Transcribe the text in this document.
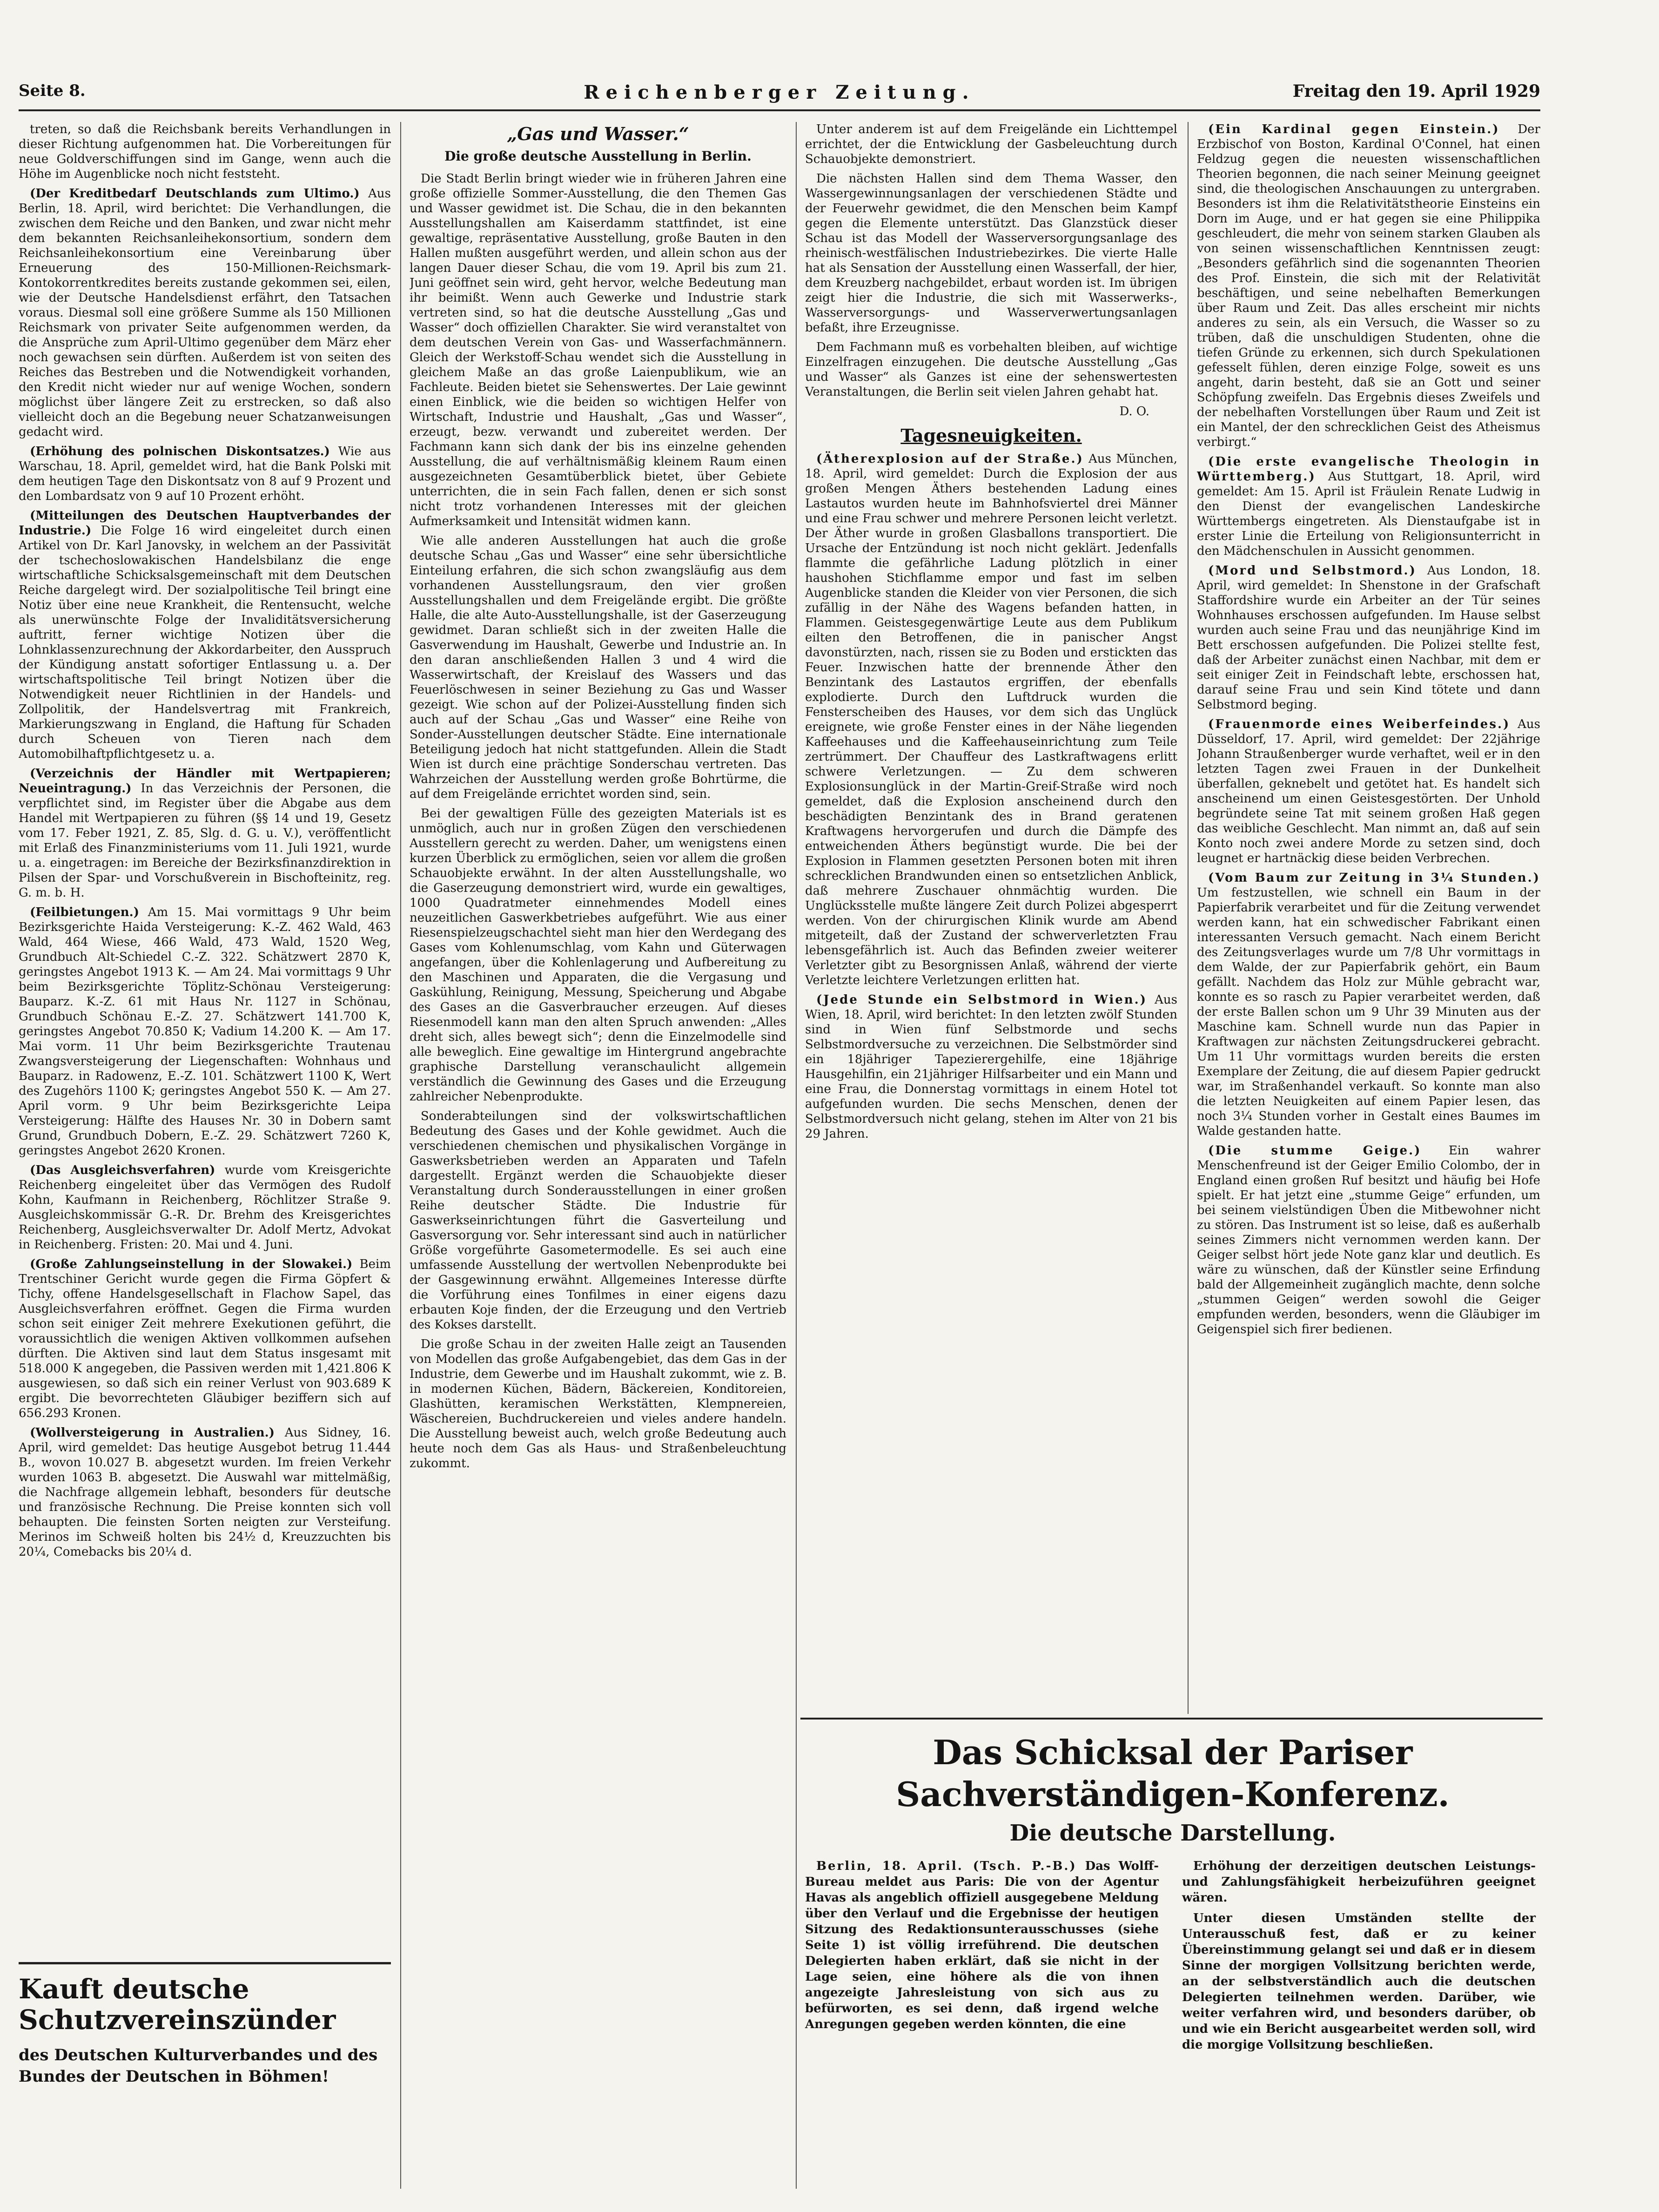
Seite 8.	Reichenberger Zeitung.	Freitag den 19. April 1929

treten, so daß die Reichsbank bereits Verhandlungen in dieser Richtung aufgenommen hat. Die Vorbereitungen für neue Goldverschiffungen sind im Gange, wenn auch die Höhe im Augenblicke noch nicht feststeht.

(Der Kreditbedarf Deutschlands zum Ultimo.) Aus Berlin, 18. April, wird berichtet: Die Verhandlungen, die zwischen dem Reiche und den Banken, und zwar nicht mehr dem bekannten Reichsanleihekonsortium, sondern dem Reichsanleihekonsortium eine Vereinbarung über Erneuerung des 150-Millionen-Reichsmark-Kontokorrentkredites bereits zustande gekommen sei, eilen, wie der Deutsche Handelsdienst erfährt, den Tatsachen voraus. Diesmal soll eine größere Summe als 150 Millionen Reichsmark von privater Seite aufgenommen werden, da die Ansprüche zum April-Ultimo gegenüber dem März eher noch gewachsen sein dürften. Außerdem ist von seiten des Reiches das Bestreben und die Notwendigkeit vorhanden, den Kredit nicht wieder nur auf wenige Wochen, sondern möglichst über längere Zeit zu erstrecken, so daß also vielleicht doch an die Begebung neuer Schatzanweisungen gedacht wird.

(Erhöhung des polnischen Diskontsatzes.) Wie aus Warschau, 18. April, gemeldet wird, hat die Bank Polski mit dem heutigen Tage den Diskontsatz von 8 auf 9 Prozent und den Lombardsatz von 9 auf 10 Prozent erhöht.

(Mitteilungen des Deutschen Hauptverbandes der Industrie.) Die Folge 16 wird eingeleitet durch einen Artikel von Dr. Karl Janovsky, in welchem an der Passivität der tschechoslowakischen Handelsbilanz die enge wirtschaftliche Schicksalsgemeinschaft mit dem Deutschen Reiche dargelegt wird. Der sozialpolitische Teil bringt eine Notiz über eine neue Krankheit, die Rentensucht, welche als unerwünschte Folge der Invaliditätsversicherung auftritt, ferner wichtige Notizen über die Lohnklassenzurechnung der Akkordarbeiter, den Ausspruch der Kündigung anstatt sofortiger Entlassung u. a. Der wirtschaftspolitische Teil bringt Notizen über die Notwendigkeit neuer Richtlinien in der Handels- und Zollpolitik, der Handelsvertrag mit Frankreich, Markierungszwang in England, die Haftung für Schaden durch Scheuen von Tieren nach dem Automobilhaftpflichtgesetz u. a.

(Verzeichnis der Händler mit Wertpapieren; Neueintragung.) In das Verzeichnis der Personen, die verpflichtet sind, im Register über die Abgabe aus dem Handel mit Wertpapieren zu führen (§§ 14 und 19, Gesetz vom 17. Feber 1921, Z. 85, Slg. d. G. u. V.), veröffentlicht mit Erlaß des Finanzministeriums vom 11. Juli 1921, wurde u. a. eingetragen: im Bereiche der Bezirksfinanzdirektion in Pilsen der Spar- und Vorschußverein in Bischofteinitz, reg. G. m. b. H.

(Feilbietungen.) Am 15. Mai vormittags 9 Uhr beim Bezirksgerichte Haida Versteigerung: K.-Z. 462 Wald, 463 Wald, 464 Wiese, 466 Wald, 473 Wald, 1520 Weg, Grundbuch Alt-Schiedel C.-Z. 322. Schätzwert 2870 K, geringstes Angebot 1913 K. — Am 24. Mai vormittags 9 Uhr beim Bezirksgerichte Töplitz-Schönau Versteigerung: Bauparz. K.-Z. 61 mit Haus Nr. 1127 in Schönau, Grundbuch Schönau E.-Z. 27. Schätzwert 141.700 K, geringstes Angebot 70.850 K; Vadium 14.200 K. — Am 17. Mai vorm. 11 Uhr beim Bezirksgerichte Trautenau Zwangsversteigerung der Liegenschaften: Wohnhaus und Bauparz. in Radowenz, E.-Z. 101. Schätzwert 1100 K, Wert des Zugehörs 1100 K; geringstes Angebot 550 K. — Am 27. April vorm. 9 Uhr beim Bezirksgerichte Leipa Versteigerung: Hälfte des Hauses Nr. 30 in Dobern samt Grund, Grundbuch Dobern, E.-Z. 29. Schätzwert 7260 K, geringstes Angebot 2620 Kronen.

(Das Ausgleichsverfahren) wurde vom Kreisgerichte Reichenberg eingeleitet über das Vermögen des Rudolf Kohn, Kaufmann in Reichenberg, Röchlitzer Straße 9. Ausgleichskommissär G.-R. Dr. Brehm des Kreisgerichtes Reichenberg, Ausgleichsverwalter Dr. Adolf Mertz, Advokat in Reichenberg. Fristen: 20. Mai und 4. Juni.

(Große Zahlungseinstellung in der Slowakei.) Beim Trentschiner Gericht wurde gegen die Firma Göpfert & Tichy, offene Handelsgesellschaft in Flachow Sapel, das Ausgleichsverfahren eröffnet. Gegen die Firma wurden schon seit einiger Zeit mehrere Exekutionen geführt, die voraussichtlich die wenigen Aktiven vollkommen aufsehen dürften. Die Aktiven sind laut dem Status insgesamt mit 518.000 K angegeben, die Passiven werden mit 1,421.806 K ausgewiesen, so daß sich ein reiner Verlust von 903.689 K ergibt. Die bevorrechteten Gläubiger beziffern sich auf 656.293 Kronen.

(Wollversteigerung in Australien.) Aus Sidney, 16. April, wird gemeldet: Das heutige Ausgebot betrug 11.444 B., wovon 10.027 B. abgesetzt wurden. Im freien Verkehr wurden 1063 B. abgesetzt. Die Auswahl war mittelmäßig, die Nachfrage allgemein lebhaft, besonders für deutsche und französische Rechnung. Die Preise konnten sich voll behaupten. Die feinsten Sorten neigten zur Versteifung. Merinos im Schweiß holten bis 24½ d, Kreuzzuchten bis 20¼, Comebacks bis 20¼ d.

Kauft deutsche Schutzvereinszünder
des Deutschen Kulturverbandes und des Bundes der Deutschen in Böhmen!
„Gas und Wasser.“
Die große deutsche Ausstellung in Berlin.

Die Stadt Berlin bringt wieder wie in früheren Jahren eine große offizielle Sommer-Ausstellung, die den Themen Gas und Wasser gewidmet ist. Die Schau, die in den bekannten Ausstellungshallen am Kaiserdamm stattfindet, ist eine gewaltige, repräsentative Ausstellung, große Bauten in den Hallen mußten ausgeführt werden, und allein schon aus der langen Dauer dieser Schau, die vom 19. April bis zum 21. Juni geöffnet sein wird, geht hervor, welche Bedeutung man ihr beimißt. Wenn auch Gewerke und Industrie stark vertreten sind, so hat die deutsche Ausstellung „Gas und Wasser“ doch offiziellen Charakter. Sie wird veranstaltet von dem deutschen Verein von Gas- und Wasserfachmännern. Gleich der Werkstoff-Schau wendet sich die Ausstellung in gleichem Maße an das große Laienpublikum, wie an Fachleute. Beiden bietet sie Sehenswertes. Der Laie gewinnt einen Einblick, wie die beiden so wichtigen Helfer von Wirtschaft, Industrie und Haushalt, „Gas und Wasser“, erzeugt, bezw. verwandt und zubereitet werden. Der Fachmann kann sich dank der bis ins einzelne gehenden Ausstellung, die auf verhältnismäßig kleinem Raum einen ausgezeichneten Gesamtüberblick bietet, über Gebiete unterrichten, die in sein Fach fallen, denen er sich sonst nicht trotz vorhandenen Interesses mit der gleichen Aufmerksamkeit und Intensität widmen kann.

Wie alle anderen Ausstellungen hat auch die große deutsche Schau „Gas und Wasser“ eine sehr übersichtliche Einteilung erfahren, die sich schon zwangsläufig aus dem vorhandenen Ausstellungsraum, den vier großen Ausstellungshallen und dem Freigelände ergibt. Die größte Halle, die alte Auto-Ausstellungshalle, ist der Gaserzeugung gewidmet. Daran schließt sich in der zweiten Halle die Gasverwendung im Haushalt, Gewerbe und Industrie an. In den daran anschließenden Hallen 3 und 4 wird die Wasserwirtschaft, der Kreislauf des Wassers und das Feuerlöschwesen in seiner Beziehung zu Gas und Wasser gezeigt. Wie schon auf der Polizei-Ausstellung finden sich auch auf der Schau „Gas und Wasser“ eine Reihe von Sonder-Ausstellungen deutscher Städte. Eine internationale Beteiligung jedoch hat nicht stattgefunden. Allein die Stadt Wien ist durch eine prächtige Sonderschau vertreten. Das Wahrzeichen der Ausstellung werden große Bohrtürme, die auf dem Freigelände errichtet worden sind, sein.

Bei der gewaltigen Fülle des gezeigten Materials ist es unmöglich, auch nur in großen Zügen den verschiedenen Ausstellern gerecht zu werden. Daher, um wenigstens einen kurzen Überblick zu ermöglichen, seien vor allem die großen Schauobjekte erwähnt. In der alten Ausstellungshalle, wo die Gaserzeugung demonstriert wird, wurde ein gewaltiges, 1000 Quadratmeter einnehmendes Modell eines neuzeitlichen Gaswerkbetriebes aufgeführt. Wie aus einer Riesenspielzeugschachtel sieht man hier den Werdegang des Gases vom Kohlenumschlag, vom Kahn und Güterwagen angefangen, über die Kohlenlagerung und Aufbereitung zu den Maschinen und Apparaten, die die Vergasung und Gaskühlung, Reinigung, Messung, Speicherung und Abgabe des Gases an die Gasverbraucher erzeugen. Auf dieses Riesenmodell kann man den alten Spruch anwenden: „Alles dreht sich, alles bewegt sich“; denn die Einzelmodelle sind alle beweglich. Eine gewaltige im Hintergrund angebrachte graphische Darstellung veranschaulicht allgemein verständlich die Gewinnung des Gases und die Erzeugung zahlreicher Nebenprodukte.

Sonderabteilungen sind der volkswirtschaftlichen Bedeutung des Gases und der Kohle gewidmet. Auch die verschiedenen chemischen und physikalischen Vorgänge in Gaswerksbetrieben werden an Apparaten und Tafeln dargestellt. Ergänzt werden die Schauobjekte dieser Veranstaltung durch Sonderausstellungen in einer großen Reihe deutscher Städte. Die Industrie für Gaswerkseinrichtungen führt die Gasverteilung und Gasversorgung vor. Sehr interessant sind auch in natürlicher Größe vorgeführte Gasometermodelle. Es sei auch eine umfassende Ausstellung der wertvollen Nebenprodukte bei der Gasgewinnung erwähnt. Allgemeines Interesse dürfte die Vorführung eines Tonfilmes in einer eigens dazu erbauten Koje finden, der die Erzeugung und den Vertrieb des Kokses darstellt.

Die große Schau in der zweiten Halle zeigt an Tausenden von Modellen das große Aufgabengebiet, das dem Gas in der Industrie, dem Gewerbe und im Haushalt zukommt, wie z. B. in modernen Küchen, Bädern, Bäckereien, Konditoreien, Glashütten, keramischen Werkstätten, Klempnereien, Wäschereien, Buchdruckereien und vieles andere handeln. Die Ausstellung beweist auch, welch große Bedeutung auch heute noch dem Gas als Haus- und Straßenbeleuchtung zukommt.

Unter anderem ist auf dem Freigelände ein Lichttempel errichtet, der die Entwicklung der Gasbeleuchtung durch Schauobjekte demonstriert.

Die nächsten Hallen sind dem Thema Wasser, den Wassergewinnungsanlagen der verschiedenen Städte und der Feuerwehr gewidmet, die den Menschen beim Kampf gegen die Elemente unterstützt. Das Glanzstück dieser Schau ist das Modell der Wasserversorgungsanlage des rheinisch-westfälischen Industriebezirkes. Die vierte Halle hat als Sensation der Ausstellung einen Wasserfall, der hier, dem Kreuzberg nachgebildet, erbaut worden ist. Im übrigen zeigt hier die Industrie, die sich mit Wasserwerks-, Wasserversorgungs- und Wasserverwertungsanlagen befaßt, ihre Erzeugnisse.

Dem Fachmann muß es vorbehalten bleiben, auf wichtige Einzelfragen einzugehen. Die deutsche Ausstellung „Gas und Wasser“ als Ganzes ist eine der sehenswertesten Veranstaltungen, die Berlin seit vielen Jahren gehabt hat.

D. O.

Tagesneuigkeiten.

(Ätherexplosion auf der Straße.) Aus München, 18. April, wird gemeldet: Durch die Explosion der aus großen Mengen Äthers bestehenden Ladung eines Lastautos wurden heute im Bahnhofsviertel drei Männer und eine Frau schwer und mehrere Personen leicht verletzt. Der Äther wurde in großen Glasballons transportiert. Die Ursache der Entzündung ist noch nicht geklärt. Jedenfalls flammte die gefährliche Ladung plötzlich in einer haushohen Stichflamme empor und fast im selben Augenblicke standen die Kleider von vier Personen, die sich zufällig in der Nähe des Wagens befanden hatten, in Flammen. Geistesgegenwärtige Leute aus dem Publikum eilten den Betroffenen, die in panischer Angst davonstürzten, nach, rissen sie zu Boden und erstickten das Feuer. Inzwischen hatte der brennende Äther den Benzintank des Lastautos ergriffen, der ebenfalls explodierte. Durch den Luftdruck wurden die Fensterscheiben des Hauses, vor dem sich das Unglück ereignete, wie große Fenster eines in der Nähe liegenden Kaffeehauses und die Kaffeehauseinrichtung zum Teile zertrümmert. Der Chauffeur des Lastkraftwagens erlitt schwere Verletzungen. — Zu dem schweren Explosionsunglück in der Martin-Greif-Straße wird noch gemeldet, daß die Explosion anscheinend durch den beschädigten Benzintank des in Brand geratenen Kraftwagens hervorgerufen und durch die Dämpfe des entweichenden Äthers begünstigt wurde. Die bei der Explosion in Flammen gesetzten Personen boten mit ihren schrecklichen Brandwunden einen so entsetzlichen Anblick, daß mehrere Zuschauer ohnmächtig wurden. Die Unglücksstelle mußte längere Zeit durch Polizei abgesperrt werden. Von der chirurgischen Klinik wurde am Abend mitgeteilt, daß der Zustand der schwerverletzten Frau lebensgefährlich ist. Auch das Befinden zweier weiterer Verletzter gibt zu Besorgnissen Anlaß, während der vierte Verletzte leichtere Verletzungen erlitten hat.

(Jede Stunde ein Selbstmord in Wien.) Aus Wien, 18. April, wird berichtet: In den letzten zwölf Stunden sind in Wien fünf Selbstmorde und sechs Selbstmordversuche zu verzeichnen. Die Selbstmörder sind ein 18jähriger Tapezierergehilfe, eine 18jährige Hausgehilfin, ein 21jähriger Hilfsarbeiter und ein Mann und eine Frau, die Donnerstag vormittags in einem Hotel tot aufgefunden wurden. Die sechs Menschen, denen der Selbstmordversuch nicht gelang, stehen im Alter von 21 bis 29 Jahren.

(Ein Kardinal gegen Einstein.) Der Erzbischof von Boston, Kardinal O'Connel, hat einen Feldzug gegen die neuesten wissenschaftlichen Theorien begonnen, die nach seiner Meinung geeignet sind, die theologischen Anschauungen zu untergraben. Besonders ist ihm die Relativitätstheorie Einsteins ein Dorn im Auge, und er hat gegen sie eine Philippika geschleudert, die mehr von seinem starken Glauben als von seinen wissenschaftlichen Kenntnissen zeugt: „Besonders gefährlich sind die sogenannten Theorien des Prof. Einstein, die sich mit der Relativität beschäftigen, und seine nebelhaften Bemerkungen über Raum und Zeit. Das alles erscheint mir nichts anderes zu sein, als ein Versuch, die Wasser so zu trüben, daß die unschuldigen Studenten, ohne die tiefen Gründe zu erkennen, sich durch Spekulationen gefesselt fühlen, deren einzige Folge, soweit es uns angeht, darin besteht, daß sie an Gott und seiner Schöpfung zweifeln. Das Ergebnis dieses Zweifels und der nebelhaften Vorstellungen über Raum und Zeit ist ein Mantel, der den schrecklichen Geist des Atheismus verbirgt.“

(Die erste evangelische Theologin in Württemberg.) Aus Stuttgart, 18. April, wird gemeldet: Am 15. April ist Fräulein Renate Ludwig in den Dienst der evangelischen Landeskirche Württembergs eingetreten. Als Dienstaufgabe ist in erster Linie die Erteilung von Religionsunterricht in den Mädchenschulen in Aussicht genommen.

(Mord und Selbstmord.) Aus London, 18. April, wird gemeldet: In Shenstone in der Grafschaft Staffordshire wurde ein Arbeiter an der Tür seines Wohnhauses erschossen aufgefunden. Im Hause selbst wurden auch seine Frau und das neunjährige Kind im Bett erschossen aufgefunden. Die Polizei stellte fest, daß der Arbeiter zunächst einen Nachbar, mit dem er seit einiger Zeit in Feindschaft lebte, erschossen hat, darauf seine Frau und sein Kind tötete und dann Selbstmord beging.

(Frauenmorde eines Weiberfeindes.) Aus Düsseldorf, 17. April, wird gemeldet: Der 22jährige Johann Straußenberger wurde verhaftet, weil er in den letzten Tagen zwei Frauen in der Dunkelheit überfallen, geknebelt und getötet hat. Es handelt sich anscheinend um einen Geistesgestörten. Der Unhold begründete seine Tat mit seinem großen Haß gegen das weibliche Geschlecht. Man nimmt an, daß auf sein Konto noch zwei andere Morde zu setzen sind, doch leugnet er hartnäckig diese beiden Verbrechen.

(Vom Baum zur Zeitung in 3¼ Stunden.) Um festzustellen, wie schnell ein Baum in der Papierfabrik verarbeitet und für die Zeitung verwendet werden kann, hat ein schwedischer Fabrikant einen interessanten Versuch gemacht. Nach einem Bericht des Zeitungsverlages wurde um 7/8 Uhr vormittags in dem Walde, der zur Papierfabrik gehört, ein Baum gefällt. Nachdem das Holz zur Mühle gebracht war, konnte es so rasch zu Papier verarbeitet werden, daß der erste Ballen schon um 9 Uhr 39 Minuten aus der Maschine kam. Schnell wurde nun das Papier in Kraftwagen zur nächsten Zeitungsdruckerei gebracht. Um 11 Uhr vormittags wurden bereits die ersten Exemplare der Zeitung, die auf diesem Papier gedruckt war, im Straßenhandel verkauft. So konnte man also die letzten Neuigkeiten auf einem Papier lesen, das noch 3¼ Stunden vorher in Gestalt eines Baumes im Walde gestanden hatte.

(Die stumme Geige.) Ein wahrer Menschenfreund ist der Geiger Emilio Colombo, der in England einen großen Ruf besitzt und häufig bei Hofe spielt. Er hat jetzt eine „stumme Geige“ erfunden, um bei seinem vielstündigen Üben die Mitbewohner nicht zu stören. Das Instrument ist so leise, daß es außerhalb seines Zimmers nicht vernommen werden kann. Der Geiger selbst hört jede Note ganz klar und deutlich. Es wäre zu wünschen, daß der Künstler seine Erfindung bald der Allgemeinheit zugänglich machte, denn solche „stummen Geigen“ werden sowohl die Geiger empfunden werden, besonders, wenn die Gläubiger im Geigenspiel sich firer bedienen.

Das Schicksal der Pariser Sachverständigen-Konferenz.
Die deutsche Darstellung.

Berlin, 18. April. (Tsch. P.-B.) Das Wolff-Bureau meldet aus Paris: Die von der Agentur Havas als angeblich offiziell ausgegebene Meldung über den Verlauf und die Ergebnisse der heutigen Sitzung des Redaktionsunterausschusses (siehe Seite 1) ist völlig irreführend. Die deutschen Delegierten haben erklärt, daß sie nicht in der Lage seien, eine höhere als die von ihnen angezeigte Jahresleistung von sich aus zu befürworten, es sei denn, daß irgend welche Anregungen gegeben werden könnten, die eine

Erhöhung der derzeitigen deutschen Leistungs- und Zahlungsfähigkeit herbeizuführen geeignet wären.

Unter diesen Umständen stellte der Unterausschuß fest, daß er zu keiner Übereinstimmung gelangt sei und daß er in diesem Sinne der morgigen Vollsitzung berichten werde, an der selbstverständlich auch die deutschen Delegierten teilnehmen werden. Darüber, wie weiter verfahren wird, und besonders darüber, ob und wie ein Bericht ausgearbeitet werden soll, wird die morgige Vollsitzung beschließen.
